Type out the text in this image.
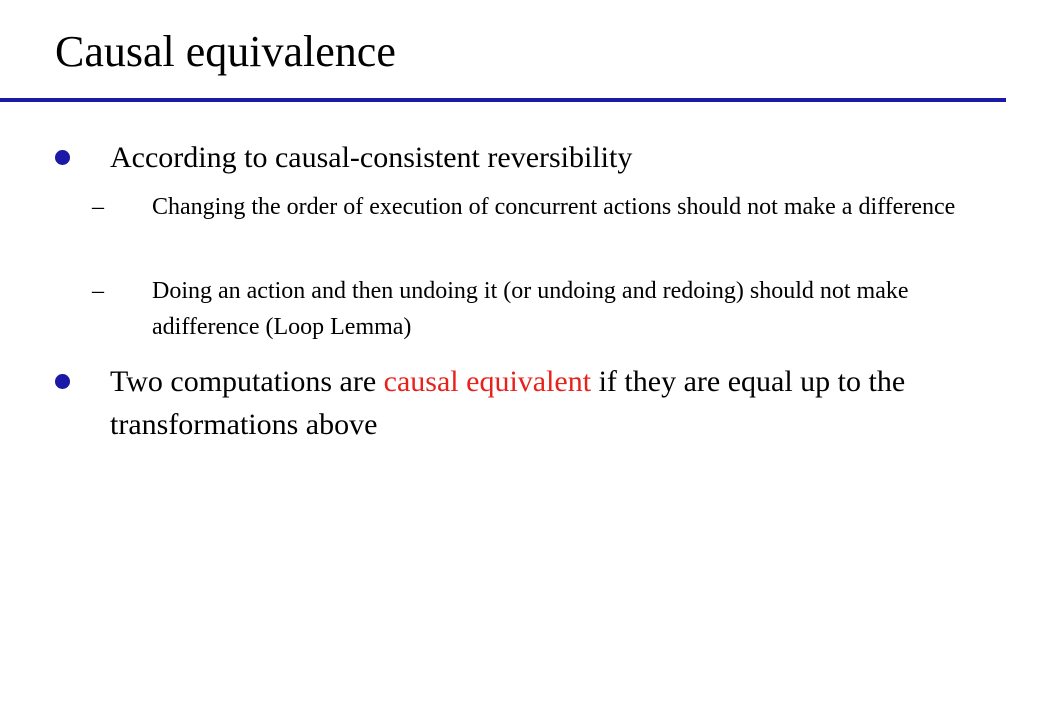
Causal equivalence
According to causal-consistent reversibility
– Changing the order of execution of concurrent actions should not make a difference
– Doing an action and then undoing it (or undoing and redoing) should not make adifference (Loop Lemma)
Two computations are causal equivalent if they are equal up to the transformations above
